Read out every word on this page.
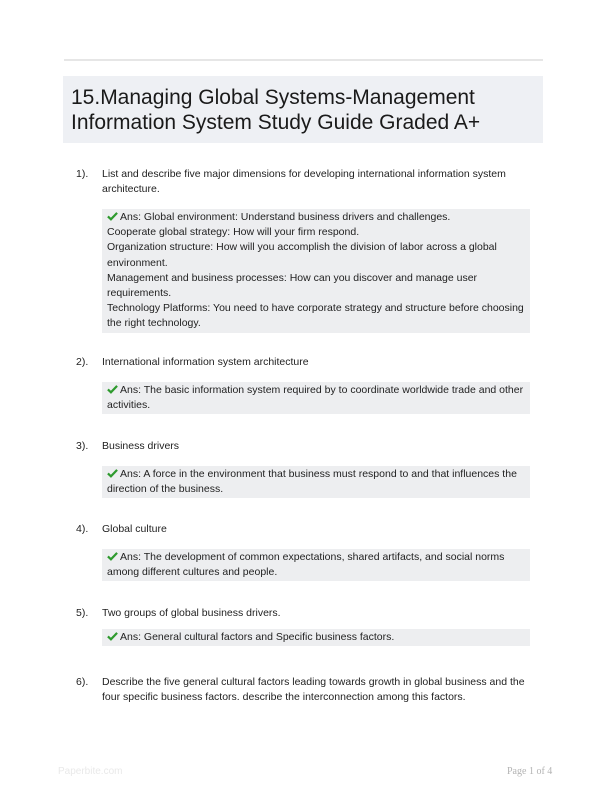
15.Managing Global Systems-Management Information System Study Guide Graded A+
1). List and describe five major dimensions for developing international information system architecture.
Ans: Global environment: Understand business drivers and challenges.
Cooperate global strategy: How will your firm respond.
Organization structure: How will you accomplish the division of labor across a global environment.
Management and business processes: How can you discover and manage user requirements.
Technology Platforms: You need to have corporate strategy and structure before choosing the right technology.
2). International information system architecture
Ans: The basic information system required by to coordinate worldwide trade and other activities.
3). Business drivers
Ans: A force in the environment that business must respond to and that influences the direction of the business.
4). Global culture
Ans: The development of common expectations, shared artifacts, and social norms among different cultures and people.
5). Two groups of global business drivers.
Ans: General cultural factors and Specific business factors.
6). Describe the five general cultural factors leading towards growth in global business and the four specific business factors. describe the interconnection among this factors.
Paperbite.com	Page 1 of 4
